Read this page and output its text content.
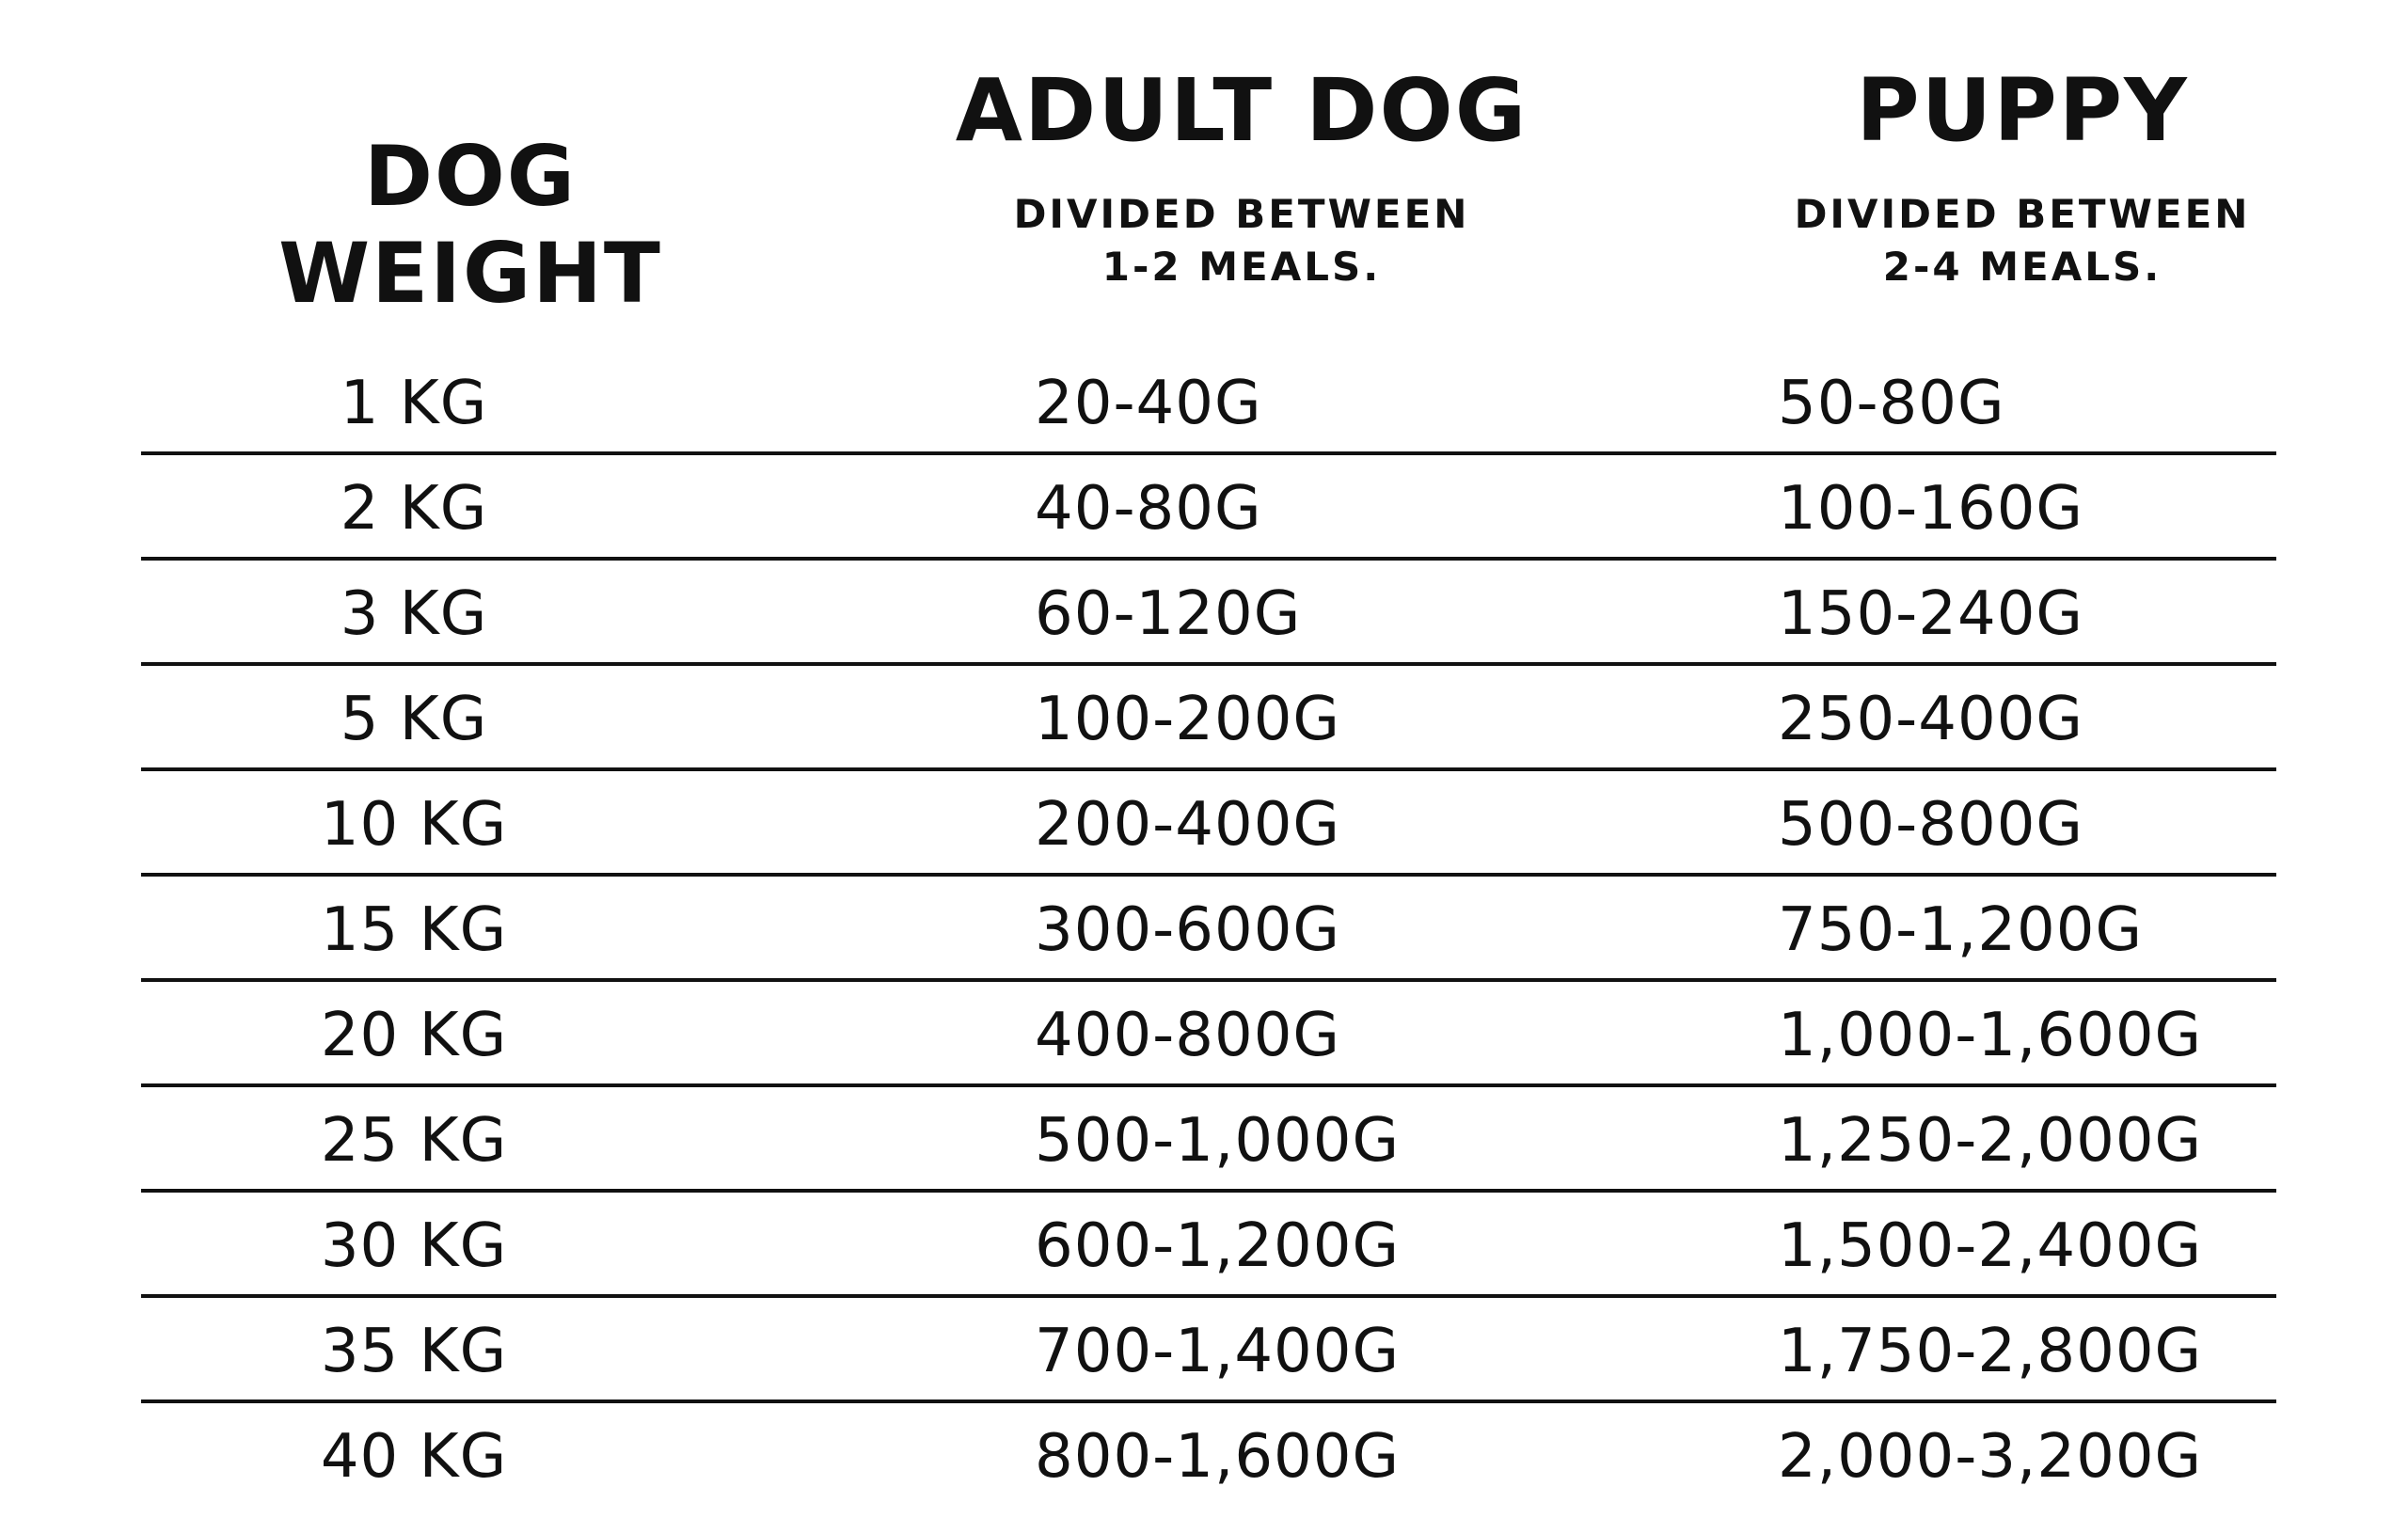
DOG WEIGHT
ADULT DOG	PUPPY
DIVIDED BETWEEN
1-2 MEALS.
DIVIDED BETWEEN
2-4 MEALS.
1 KG	20-40G	50-80G
2 KG	40-80G	100-160G
3 KG	60-120G	150-240G
5 KG	100-200G	250-400G
10 KG	200-400G	500-800G
15 KG	300-600G	750-1,200G
20 KG	400-800G	1,000-1,600G
25 KG	500-1,000G	1,250-2,000G
30 KG	600-1,200G	1,500-2,400G
35 KG	700-1,400G	1,750-2,800G
40 KG	800-1,600G	2,000-3,200G
